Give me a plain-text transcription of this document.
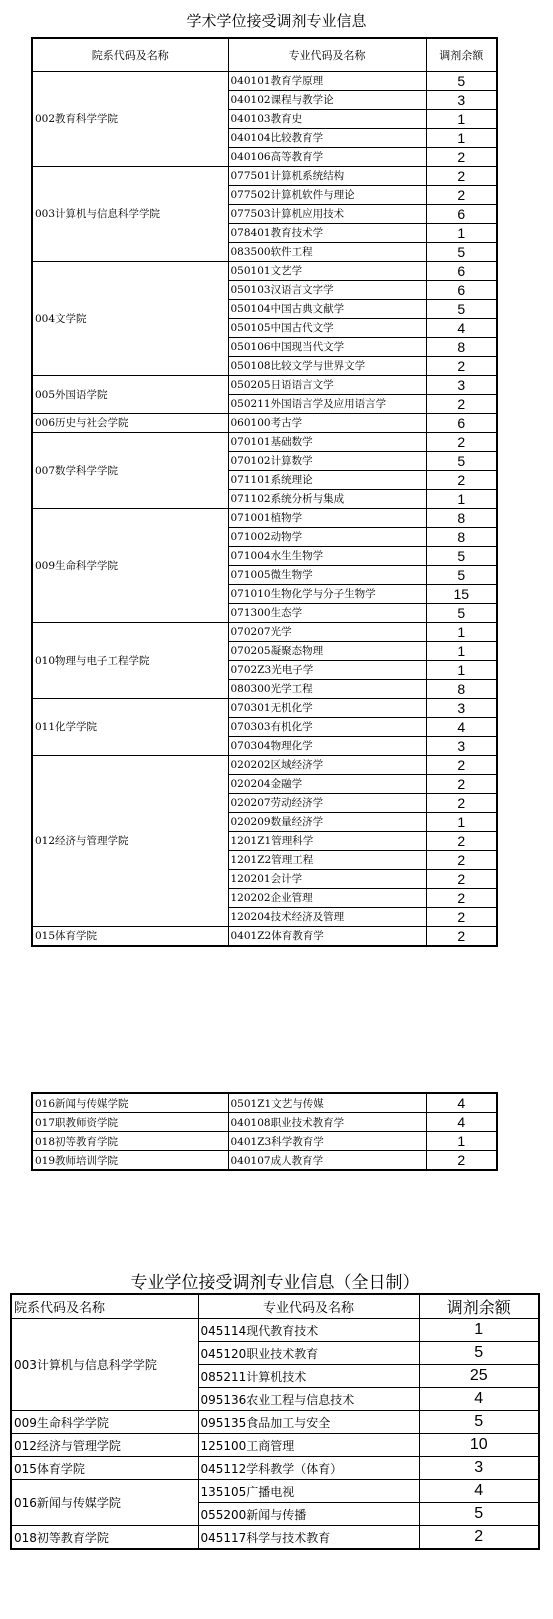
学术学位接受调剂专业信息
院系代码及名称	专业代码及名称	调剂余额
002教育科学学院	040101教育学原理	5
	040102课程与教学论	3
	040103教育史	1
	040104比较教育学	1
	040106高等教育学	2
003计算机与信息科学学院	077501计算机系统结构	2
	077502计算机软件与理论	2
	077503计算机应用技术	6
	078401教育技术学	1
	083500软件工程	5
004文学院	050101文艺学	6
	050103汉语言文字学	6
	050104中国古典文献学	5
	050105中国古代文学	4
	050106中国现当代文学	8
	050108比较文学与世界文学	2
005外国语学院	050205日语语言文学	3
	050211外国语言学及应用语言学	2
006历史与社会学院	060100考古学	6
007数学科学学院	070101基础数学	2
	070102计算数学	5
	071101系统理论	2
	071102系统分析与集成	1
009生命科学学院	071001植物学	8
	071002动物学	8
	071004水生生物学	5
	071005微生物学	5
	071010生物化学与分子生物学	15
	071300生态学	5
010物理与电子工程学院	070207光学	1
	070205凝聚态物理	1
	0702Z3光电子学	1
	080300光学工程	8
011化学学院	070301无机化学	3
	070303有机化学	4
	070304物理化学	3
012经济与管理学院	020202区域经济学	2
	020204金融学	2
	020207劳动经济学	2
	020209数量经济学	1
	1201Z1管理科学	2
	1201Z2管理工程	2
	120201会计学	2
	120202企业管理	2
	120204技术经济及管理	2
015体育学院	0401Z2体育教育学	2
016新闻与传媒学院	0501Z1文艺与传媒	4
017职教师资学院	040108职业技术教育学	4
018初等教育学院	0401Z3科学教育学	1
019教师培训学院	040107成人教育学	2
专业学位接受调剂专业信息（全日制）
院系代码及名称	专业代码及名称	调剂余额
003计算机与信息科学学院	045114现代教育技术	1
	045120职业技术教育	5
	085211计算机技术	25
	095136农业工程与信息技术	4
009生命科学学院	095135食品加工与安全	5
012经济与管理学院	125100工商管理	10
015体育学院	045112学科教学（体育）	3
016新闻与传媒学院	135105广播电视	4
	055200新闻与传播	5
018初等教育学院	045117科学与技术教育	2
